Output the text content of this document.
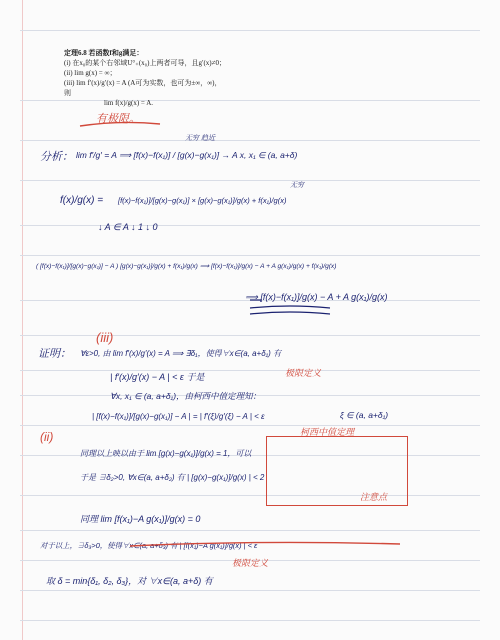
定理6.8 若函数f和g满足：
(i) 在x₀的某个右邻域U°₊(x₀)上两者可导，且g′(x)≠0；
(ii) lim g(x) = ∞；
(iii) lim f′(x)/g′(x) = A (A可为实数，也可为±∞，∞)，
则
lim f(x)/g(x) = A.
有极限。
分析： lim f′/g′ = A ⟹ [f(x)−f(x₁)] / [g(x)−g(x₁)] → A x, x₁ ∈ (a, a+δ)
无穷 趋近
f(x)/g(x) = [f(x)−f(x₁)]/[g(x)−g(x₁)] × [g(x)−g(x₁)]/g(x) + f(x₁)/g(x)
无穷
↓ A ∈ A ↓ 1 ↓ 0
( [f(x)−f(x₁)]/[g(x)−g(x₁)] − A ) [g(x)−g(x₁)]/g(x) + f(x₁)/g(x) ⟹ [f(x)−f(x₁)]/g(x) − A + A g(x₁)/g(x) + f(x₁)/g(x)
⟹ [f(x)−f(x₁)]/g(x) − A + A g(x₁)/g(x)
证明：
(iii)
∀ε>0, 由 lim f′(x)/g′(x) = A ⟹ ∃δ₁，使得∀x∈(a, a+δ₁) 有
极限定义
| f′(x)/g′(x) − A | < ε 于是
∀x, x₁ ∈ (a, a+δ₁)，由柯西中值定理知：
| [f(x)−f(x₁)]/[g(x)−g(x₁)] − A | = | f′(ξ)/g′(ξ) − A | < ε	ξ ∈ (a, a+δ₁)
(ii)	柯西中值定理
同理以上映以由于 lim [g(x)−g(x₁)]/g(x) = 1，可以
于是 ∃δ₂>0, ∀x∈(a, a+δ₂) 有 | [g(x)−g(x₁)]/g(x) | < 2
注意点
同理 lim [f(x₁)−A g(x₁)]/g(x) = 0
对于以上，∃δ₃>0，使得∀x∈(a, a+δ₃) 有 | [f(x₁)−A g(x₁)]/g(x) | < ε
极限定义
取 δ = min{δ₁, δ₂, δ₃}，对 ∀x∈(a, a+δ) 有
